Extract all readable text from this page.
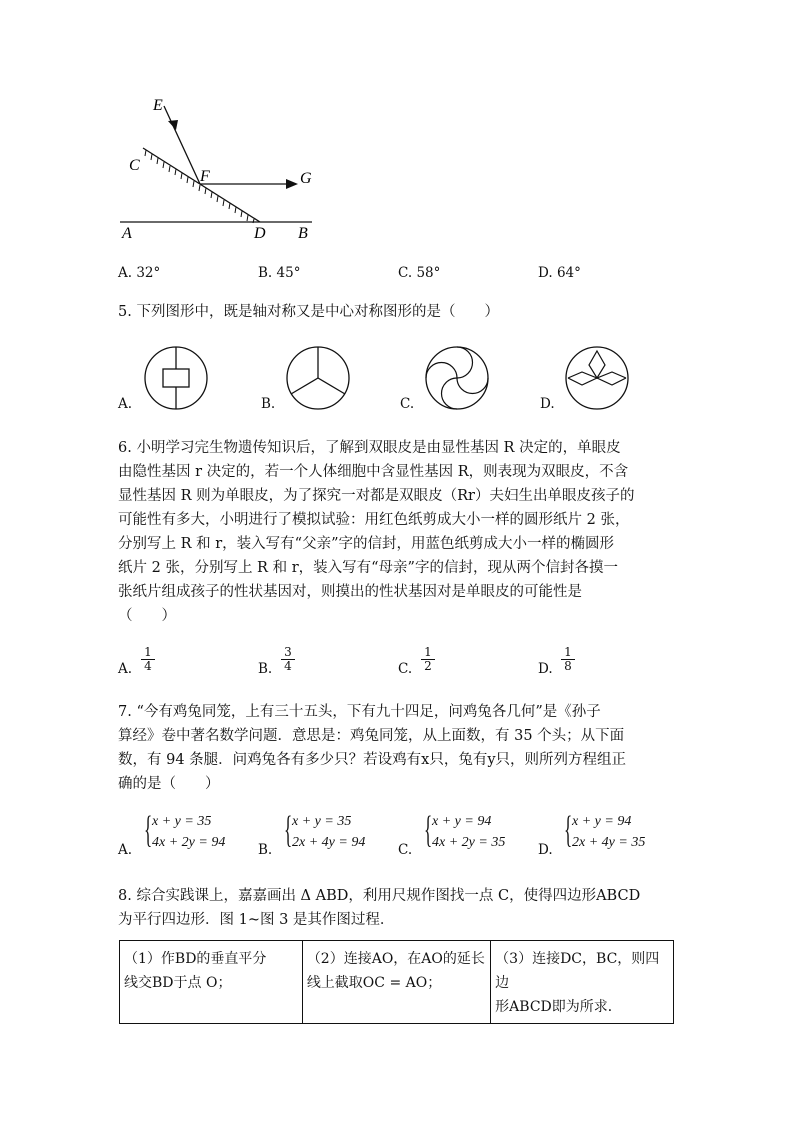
E
C
F	G
A	D B
A. 32°	B. 45°	C. 58°	D. 64°
5. 下列图形中，既是轴对称又是中心对称图形的是（　　）
A.	B.	C.	D.
6. 小明学习完生物遗传知识后，了解到双眼皮是由显性基因 R 决定的，单眼皮
由隐性基因 r 决定的，若一个人体细胞中含显性基因 R，则表现为双眼皮，不含
显性基因 R 则为单眼皮，为了探究一对都是双眼皮（Rr）夫妇生出单眼皮孩子的
可能性有多大，小明进行了模拟试验：用红色纸剪成大小一样的圆形纸片 2 张，
分别写上 R 和 r，装入写有“父亲”字的信封，用蓝色纸剪成大小一样的椭圆形
纸片 2 张，分别写上 R 和 r，装入写有“母亲”字的信封，现从两个信封各摸一
张纸片组成孩子的性状基因对，则摸出的性状基因对是单眼皮的可能性是
（　　）
A. $\frac{1}{4}$	B. $\frac{3}{4}$	C. $\frac{1}{2}$	D. $\frac{1}{8}$
7. “今有鸡兔同笼，上有三十五头，下有九十四足，问鸡兔各几何”是《孙子
算经》卷中著名数学问题．意思是：鸡兔同笼，从上面数，有 35 个头；从下面
数，有 94 条腿．问鸡兔各有多少只？若设鸡有x只，兔有y只，则所列方程组正
确的是（　　）
A. { x + y = 35
4x + 2y = 94 B. { x + y = 35
2x + 4y = 94 C. { x + y = 94
4x + 2y = 35 D. { x + y = 94
2x + 4y = 35
8. 综合实践课上，嘉嘉画出 Δ ABD，利用尺规作图找一点 C，使得四边形ABCD
为平行四边形．图 1~图 3 是其作图过程．
（1）作BD的垂直平分
线交BD于点 O；

（2）连接AO，在AO的延长
线上截取OC = AO；

（3）连接DC，BC，则四边
形ABCD即为所求．
